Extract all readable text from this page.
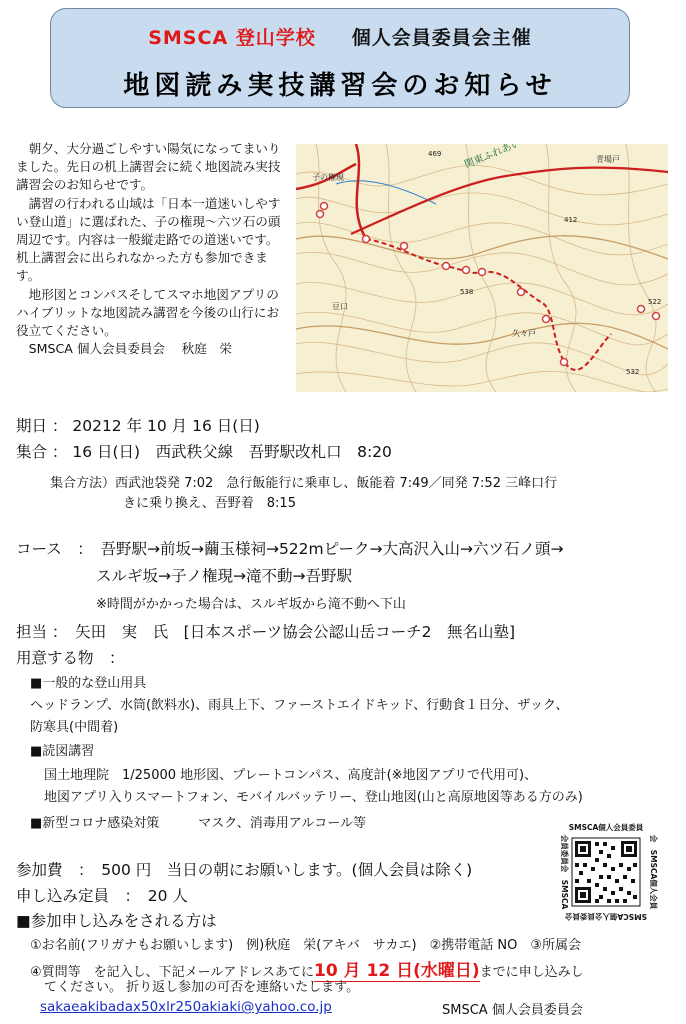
SMSCA 登山学校 個人会員委員会主催
地図読み実技講習会のお知らせ

朝夕、大分過ごしやすい陽気になってまいりました。先日の机上講習会に続く地図読み実技講習会のお知らせです。

講習の行われる山域は「日本一道迷いしやすい登山道」に選ばれた、子の権現～六ツ石の頭周辺です。内容は一般縦走路での道迷いです。机上講習会に出られなかった方も参加できます。

地形図とコンパスそしてスマホ地図アプリのハイブリットな地図読み講習を今後の山行にお役立てください。

SMSCA 個人会員委員会　 秋庭　栄

子の権現
青場戸
豆口
久々戸
469
412
538
532
522
期日 ： 20212 年 10 月 16 日(日)
集合 ： 16 日(日)　西武秩父線　吾野駅改札口　8:20
集合方法）西武池袋発 7:02　急行飯能行に乗車し、飯能着 7:49／同発 7:52 三峰口行
きに乗り換え、吾野着　8:15
コース　：　吾野駅→前坂→繭玉様祠→522mピーク→大高沢入山→六ツ石ノ頭→
スルギ坂→子ノ権現→滝不動→吾野駅
※時間がかかった場合は、スルギ坂から滝不動へ下山
担当 ：　矢田　実　氏　[日本スポーツ協会公認山岳コーチ2　無名山塾]
用意する物　：
■一般的な登山用具
ヘッドランプ、水筒(飲料水)、雨具上下、ファーストエイドキッド、行動食１日分、ザック、
防寒具(中間着)
■読図講習
国土地理院　1/25000 地形図、プレートコンパス、高度計(※地図アプリで代用可)、
地図アプリ入りスマートフォン、モバイルバッテリー、登山地図(山と高原地図等ある方のみ)
■新型コロナ感染対策　　　マスク、消毒用アルコール等	SMSCA個人会員委員
SMSCA個人会員委員会
会員委員会　SMSCA	会　SMSCA個人会員
参加費　：　500 円　当日の朝にお願いします。(個人会員は除く)
申し込み定員　：　20 人
■参加申し込みをされる方は
①お名前(フリガナもお願いします)　例)秋庭　栄(アキバ　サカエ)　②携帯電話 NO　③所属会
④質問等　を記入し、下記メールアドレスあてに10 月 12 日(水曜日)までに申し込みし
てください。 折り返し参加の可否を連絡いたします。
sakaeakibadax50xlr250akiaki@yahoo.co.jp	SMSCA 個人会員委員会
